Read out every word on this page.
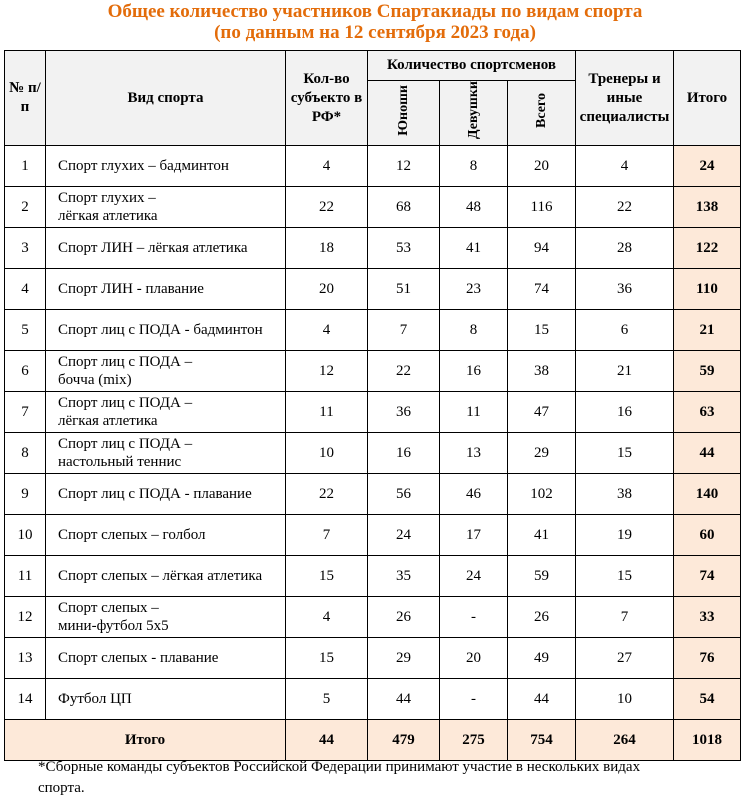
Общее количество участников Спартакиады по видам спорта
(по данным на 12 сентября 2023 года)
№ п/п	Вид спорта	Кол-во субъекто в РФ*	Количество спортсменов			Тренеры и иные специалисты	Итого
			Юноши	Девушки	Всего		
1	Спорт глухих – бадминтон	4	12	8	20	4	24
2	Спорт глухих –
лёгкая атлетика	22	68	48	116	22	138
3	Спорт ЛИН – лёгкая атлетика	18	53	41	94	28	122
4	Спорт ЛИН - плавание	20	51	23	74	36	110
5	Спорт лиц с ПОДА - бадминтон	4	7	8	15	6	21
6	Спорт лиц с ПОДА –
бочча (mix)	12	22	16	38	21	59
7	Спорт лиц с ПОДА –
лёгкая атлетика	11	36	11	47	16	63
8	Спорт лиц с ПОДА –
настольный теннис	10	16	13	29	15	44
9	Спорт лиц с ПОДА - плавание	22	56	46	102	38	140
10	Спорт слепых – голбол	7	24	17	41	19	60
11	Спорт слепых – лёгкая атлетика	15	35	24	59	15	74
12	Спорт слепых –
мини-футбол 5х5	4	26	-	26	7	33
13	Спорт слепых - плавание	15	29	20	49	27	76
14	Футбол ЦП	5	44	-	44	10	54
Итого		44	479	275	754	264	1018
*Сборные команды субъектов Российской Федерации принимают участие в нескольких видах
спорта.
